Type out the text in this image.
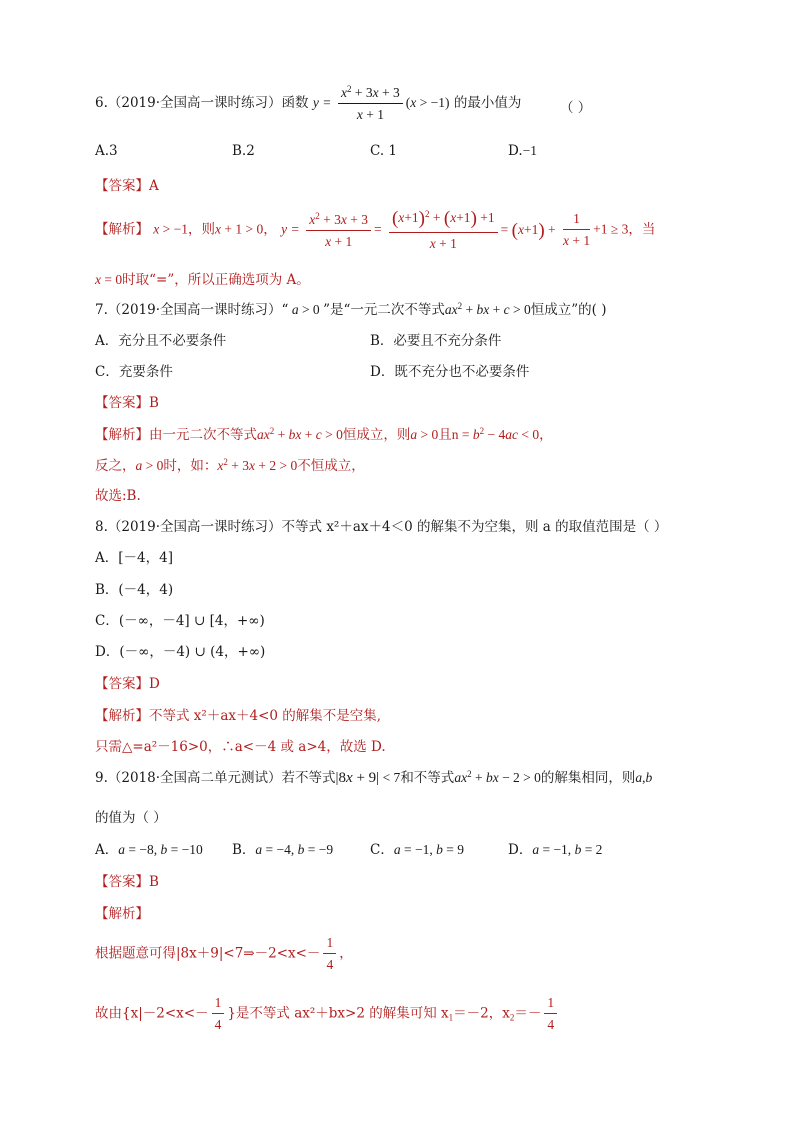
6.（2019·全国高一课时练习）函数 $y = \frac{x^2 + 3x + 3}{x + 1} (x > -1)$ 的最小值为	（ ）
A.3	B.2	C. 1	D.−1
【答案】A
【解析】 x > −1，则x + 1 > 0， $y = \frac{x^2 + 3x + 3}{x + 1} = \frac{(x+1)^2 + (x+1) +1}{x + 1} = (x+1) + \frac{1}{x + 1} +1 \ge 3$，当
x = 0时取“=”，所以正确选项为 A。
7.（2019·全国高一课时练习）“ a > 0 ”是“一元二次不等式$ax^2$ + bx + c > 0恒成立”的( )
A．充分且不必要条件	B．必要且不充分条件
C．充要条件	D．既不充分也不必要条件
【答案】B
【解析】由一元二次不等式$ax^2$ + bx + c > 0恒成立，则a > 0且$n = b^2 - 4ac < 0$，
反之，a > 0时，如：$x^2 + 3x + 2 > 0$不恒成立，
故选:B.
8.（2019·全国高一课时练习）不等式 x²＋ax＋4＜0 的解集不为空集，则 a 的取值范围是（ ）
A．[－4，4]
B．(－4，4)
C．(－∞，－4] ∪ [4，+∞)
D．(－∞，－4) ∪ (4，+∞)
【答案】D
【解析】不等式 x²＋ax＋4<0 的解集不是空集,
只需△=a²－16>0，∴a<－4 或 a>4，故选 D.
9.（2018·全国高二单元测试）若不等式|8x + 9| < 7和不等式$ax^2$ + bx − 2 > 0的解集相同，则a,b
的值为（ ）
A．a = −8, b = −10 B．a = −4, b = −9	C．a = −1, b = 9	D．a = −1, b = 2
【答案】B
【解析】
根据题意可得|8x＋9|<7⇒－2<x<－ $\frac{1}{4}$ ，
故由{$x|-2<x<- \frac{1}{4}$ }是不等式 ax²＋bx>2 的解集可知 $x_1=-2$，$x_2=- \frac{1}{4}$
